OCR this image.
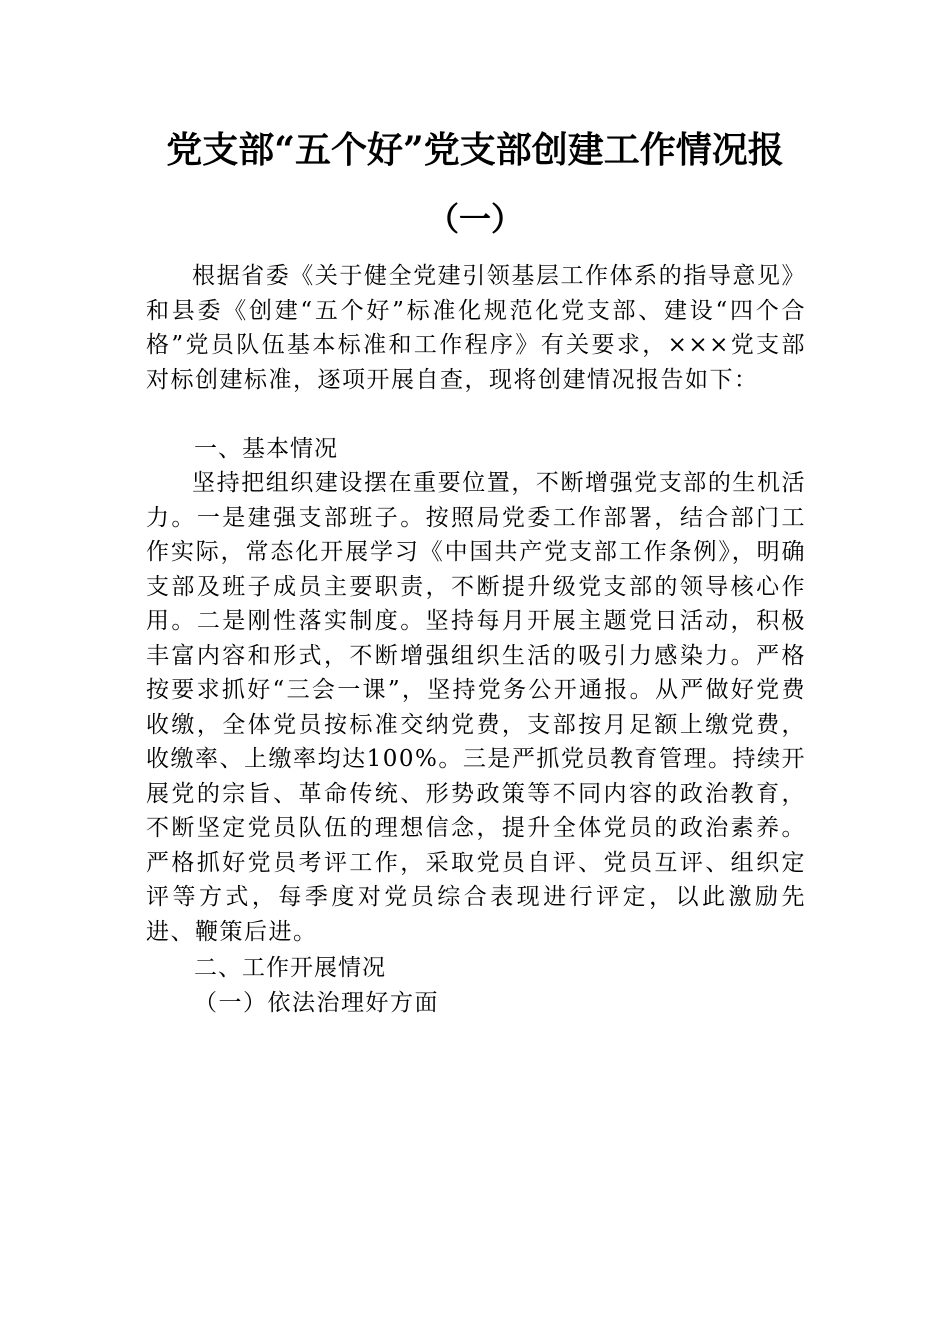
党支部“五个好”党支部创建工作情况报
（一）

根据省委《关于健全党建引领基层工作体系的指导意见》和县委《创建“五个好”标准化规范化党支部、建设“四个合格”党员队伍基本标准和工作程序》有关要求，×××党支部对标创建标准，逐项开展自查，现将创建情况报告如下：

一、基本情况

坚持把组织建设摆在重要位置，不断增强党支部的生机活力。一是建强支部班子。按照局党委工作部署，结合部门工作实际，常态化开展学习《中国共产党支部工作条例》，明确支部及班子成员主要职责，不断提升级党支部的领导核心作用。二是刚性落实制度。坚持每月开展主题党日活动，积极丰富内容和形式，不断增强组织生活的吸引力感染力。严格按要求抓好“三会一课”，坚持党务公开通报。从严做好党费收缴，全体党员按标准交纳党费，支部按月足额上缴党费，收缴率、上缴率均达100%。三是严抓党员教育管理。持续开展党的宗旨、革命传统、形势政策等不同内容的政治教育，不断坚定党员队伍的理想信念，提升全体党员的政治素养。严格抓好党员考评工作，采取党员自评、党员互评、组织定评等方式，每季度对党员综合表现进行评定，以此激励先进、鞭策后进。

二、工作开展情况
（一）依法治理好方面
